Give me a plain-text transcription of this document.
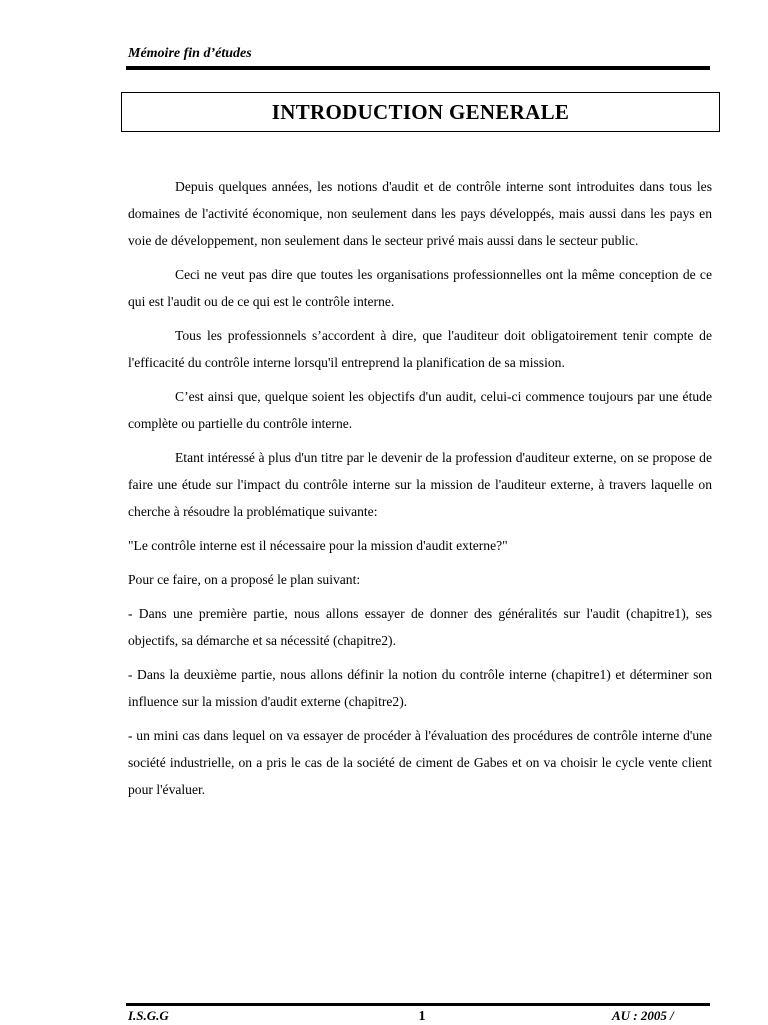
Mémoire fin d’études
INTRODUCTION GENERALE

Depuis quelques années, les notions d'audit et de contrôle interne sont introduites dans tous les domaines de l'activité économique, non seulement dans les pays développés, mais aussi dans les pays en voie de développement, non seulement dans le secteur privé mais aussi dans le secteur public.

Ceci ne veut pas dire que toutes les organisations professionnelles ont la même conception de ce qui est l'audit ou de ce qui est le contrôle interne.

Tous les professionnels s’accordent à dire, que l'auditeur doit obligatoirement tenir compte de l'efficacité du contrôle interne lorsqu'il entreprend la planification de sa mission.

C’est ainsi que, quelque soient les objectifs d'un audit, celui-ci commence toujours par une étude complète ou partielle du contrôle interne.

Etant intéressé à plus d'un titre par le devenir de la profession d'auditeur externe, on se propose de faire une étude sur l'impact du contrôle interne sur la mission de l'auditeur externe, à travers laquelle on cherche à résoudre la problématique suivante:

"Le contrôle interne est il nécessaire pour la mission d'audit externe?"

Pour ce faire, on a proposé le plan suivant:

- Dans une première partie, nous allons essayer de donner des généralités sur l'audit (chapitre1), ses objectifs, sa démarche et sa nécessité (chapitre2).

- Dans la deuxième partie, nous allons définir la notion du contrôle interne (chapitre1) et déterminer son influence sur la mission d'audit externe (chapitre2).

- un mini cas dans lequel on va essayer de procéder à l'évaluation des procédures de contrôle interne d'une société industrielle, on a pris le cas de la société de ciment de Gabes et on va choisir le cycle vente client pour l'évaluer.

I.S.G.G	1	AU : 2005 /
